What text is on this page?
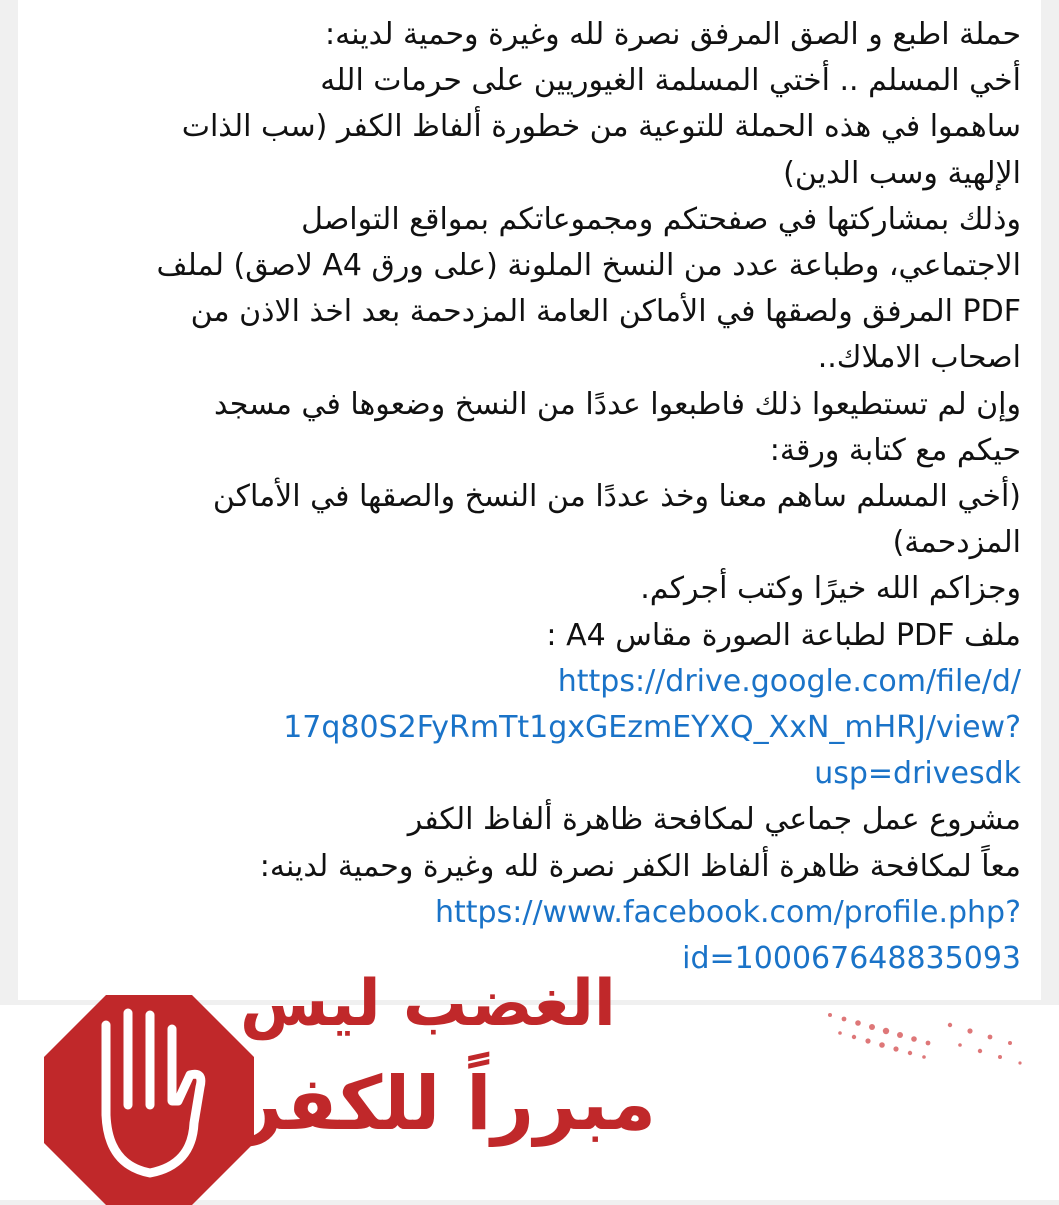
حملة اطبع و الصق المرفق نصرة لله وغيرة وحمية لدينه:
أخي المسلم .. أختي المسلمة الغيوريين على حرمات الله
ساهموا في هذه الحملة للتوعية من خطورة ألفاظ الكفر (سب الذات
الإلهية وسب الدين)
وذلك بمشاركتها في صفحتكم ومجموعاتكم بمواقع التواصل
الاجتماعي، وطباعة عدد من النسخ الملونة (على ورق A4 لاصق) لملف
PDF المرفق ولصقها في الأماكن العامة المزدحمة بعد اخذ الاذن من
اصحاب الاملاك..
وإن لم تستطيعوا ذلك فاطبعوا عددًا من النسخ وضعوها في مسجد
حيكم مع كتابة ورقة:
(أخي المسلم ساهم معنا وخذ عددًا من النسخ والصقها في الأماكن
المزدحمة)
وجزاكم الله خيرًا وكتب أجركم.
ملف PDF لطباعة الصورة مقاس A4 :
https://drive.google.com/file/d/
17q80S2FyRmTt1gxGEzmEYXQ_XxN_mHRJ/view?
usp=drivesdk
مشروع عمل جماعي لمكافحة ظاهرة ألفاظ الكفر
معاً لمكافحة ظاهرة ألفاظ الكفر نصرة لله وغيرة وحمية لدينه:
https://www.facebook.com/profile.php?
id=100067648835093
الغضب ليس
مبرراً للكفر
